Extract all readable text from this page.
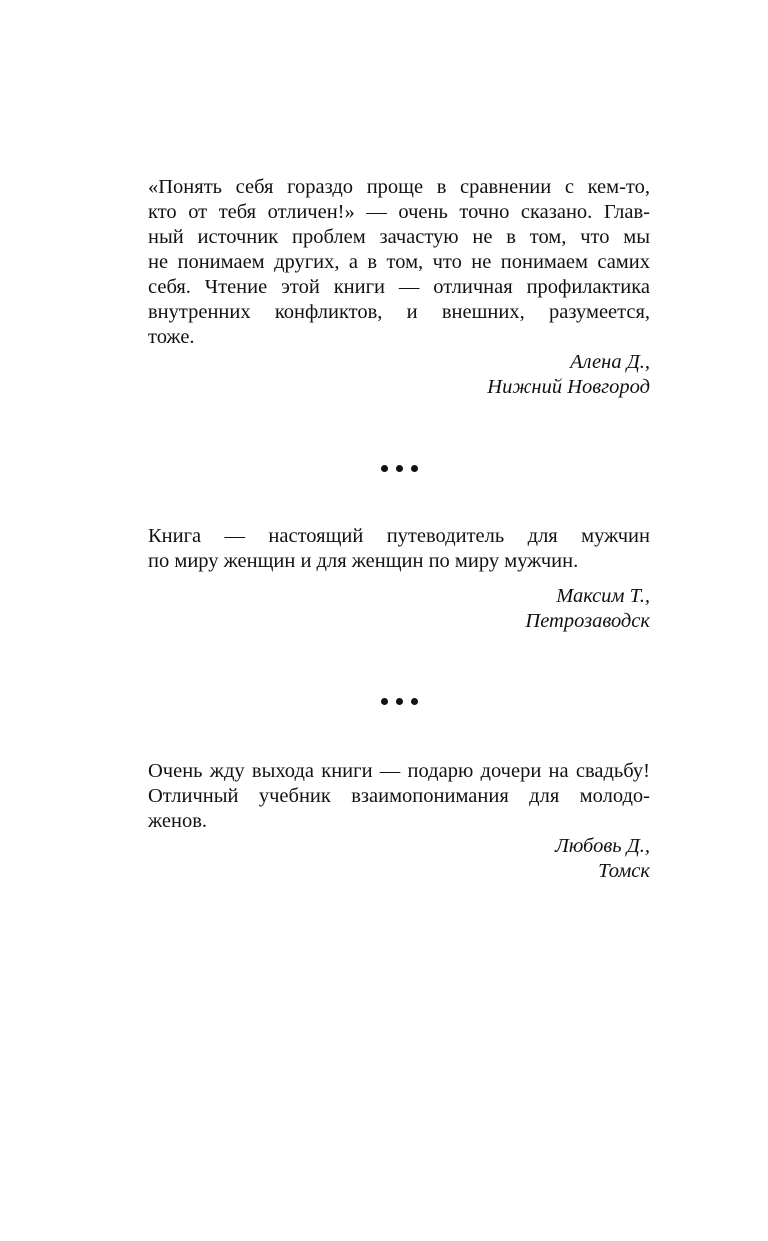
«Понять себя гораздо проще в сравнении с кем-то,
кто от тебя отличен!» — очень точно сказано. Глав-
ный источник проблем зачастую не в том, что мы
не понимаем других, а в том, что не понимаем самих
себя. Чтение этой книги — отличная профилактика
внутренних конфликтов, и внешних, разумеется,
тоже.

Алена Д.,

Нижний Новгород

Книга — настоящий путеводитель для мужчин
по миру женщин и для женщин по миру мужчин.

Максим Т.,

Петрозаводск

Очень жду выхода книги — подарю дочери на свадьбу!
Отличный учебник взаимопонимания для молодо-
женов.

Любовь Д.,

Томск
